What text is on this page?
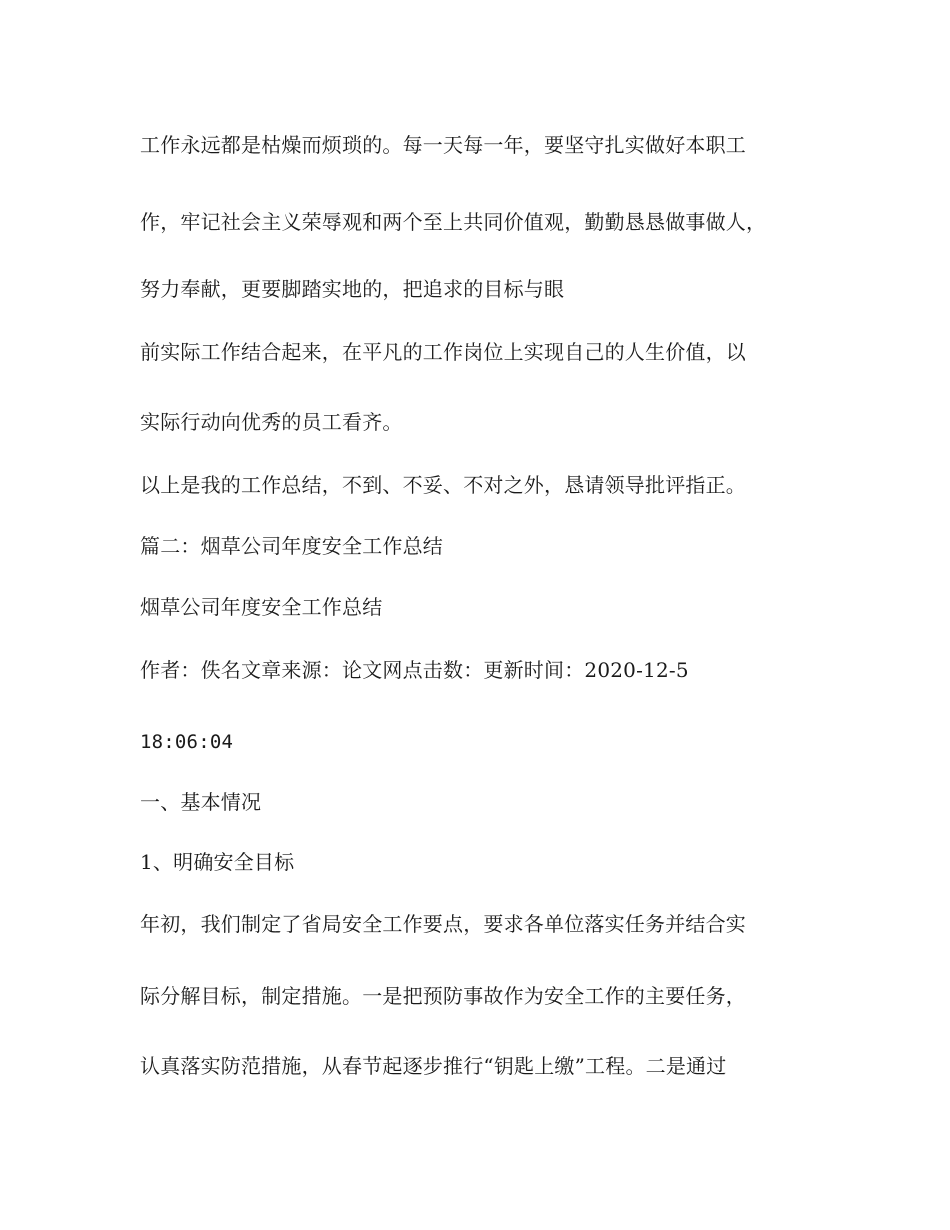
工作永远都是枯燥而烦琐的。每一天每一年，要坚守扎实做好本职工
作，牢记社会主义荣辱观和两个至上共同价值观，勤勤恳恳做事做人，
努力奉献，更要脚踏实地的，把追求的目标与眼
前实际工作结合起来，在平凡的工作岗位上实现自己的人生价值，以
实际行动向优秀的员工看齐。
以上是我的工作总结，不到、不妥、不对之外，恳请领导批评指正。
篇二：烟草公司年度安全工作总结
烟草公司年度安全工作总结
作者：佚名文章来源：论文网点击数：更新时间：2020-12-5
18:06:04
一、基本情况
1、明确安全目标
年初，我们制定了省局安全工作要点，要求各单位落实任务并结合实
际分解目标，制定措施。一是把预防事故作为安全工作的主要任务，
认真落实防范措施，从春节起逐步推行“钥匙上缴”工程。二是通过
